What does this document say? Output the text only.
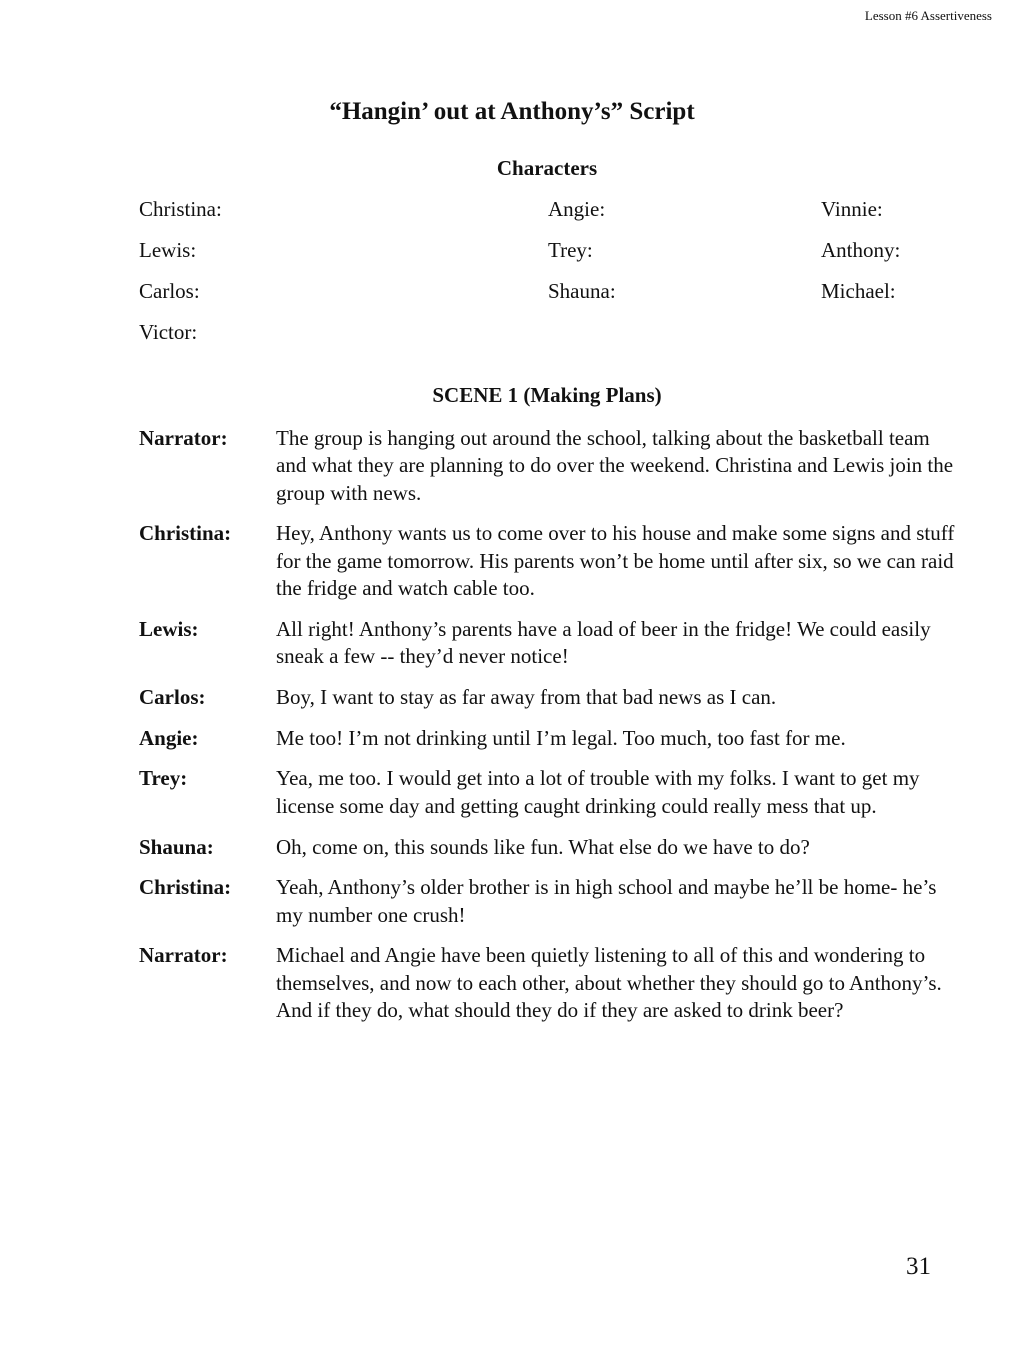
Lesson #6 Assertiveness
“Hangin’ out at Anthony’s” Script
Characters
Christina:	Angie:	Vinnie:
Lewis:	Trey:	Anthony:
Carlos:	Shauna:	Michael:
Victor:
SCENE 1 (Making Plans)
Narrator:	The group is hanging out around the school, talking about the basketball team and what they are planning to do over the weekend. Christina and Lewis join the group with news.
Christina:	Hey, Anthony wants us to come over to his house and make some signs and stuff for the game tomorrow. His parents won’t be home until after six, so we can raid the fridge and watch cable too.
Lewis:	All right! Anthony’s parents have a load of beer in the fridge! We could easily sneak a few -- they’d never notice!
Carlos:	Boy, I want to stay as far away from that bad news as I can.
Angie:	Me too! I’m not drinking until I’m legal. Too much, too fast for me.
Trey:	Yea, me too. I would get into a lot of trouble with my folks. I want to get my license some day and getting caught drinking could really mess that up.
Shauna:	Oh, come on, this sounds like fun. What else do we have to do?
Christina:	Yeah, Anthony’s older brother is in high school and maybe he’ll be home- he’s my number one crush!
Narrator:	Michael and Angie have been quietly listening to all of this and wondering to themselves, and now to each other, about whether they should go to Anthony’s. And if they do, what should they do if they are asked to drink beer?
31
